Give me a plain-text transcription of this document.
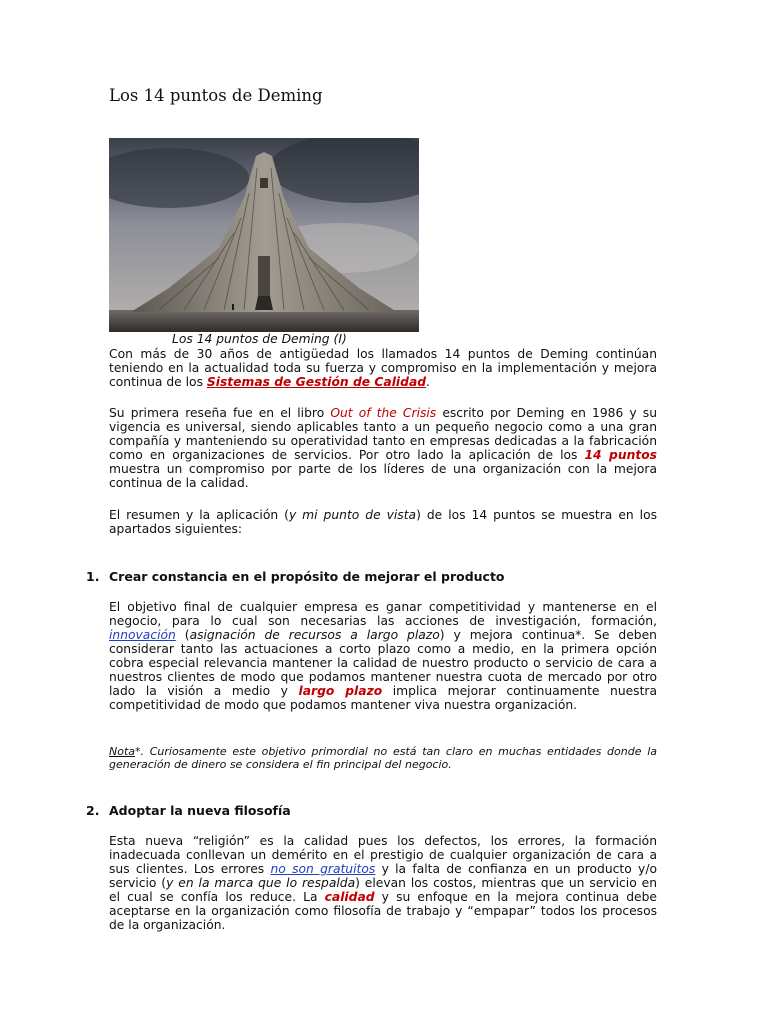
Los 14 puntos de Deming

Los 14 puntos de Deming (I)

Con más de 30 años de antigüedad los llamados 14 puntos de Deming continúan teniendo en la actualidad toda su fuerza y compromiso en la implementación y mejora continua de los Sistemas de Gestión de Calidad.

Su primera reseña fue en el libro Out of the Crisis escrito por Deming en 1986 y su vigencia es universal, siendo aplicables tanto a un pequeño negocio como a una gran compañía y manteniendo su operatividad tanto en empresas dedicadas a la fabricación como en organizaciones de servicios. Por otro lado la aplicación de los 14 puntos muestra un compromiso por parte de los líderes de una organización con la mejora continua de la calidad.

El resumen y la aplicación (y mi punto de vista) de los 14 puntos se muestra en los apartados siguientes:

1. Crear constancia en el propósito de mejorar el producto

El objetivo final de cualquier empresa es ganar competitividad y mantenerse en el negocio, para lo cual son necesarias las acciones de investigación, formación, innovación (asignación de recursos a largo plazo) y mejora continua*. Se deben considerar tanto las actuaciones a corto plazo como a medio, en la primera opción cobra especial relevancia mantener la calidad de nuestro producto o servicio de cara a nuestros clientes de modo que podamos mantener nuestra cuota de mercado por otro lado la visión a medio y largo plazo implica mejorar continuamente nuestra competitividad de modo que podamos mantener viva nuestra organización.

Nota*. Curiosamente este objetivo primordial no está tan claro en muchas entidades donde la generación de dinero se considera el fin principal del negocio.

2. Adoptar la nueva filosofía

Esta nueva “religión” es la calidad pues los defectos, los errores, la formación inadecuada conllevan un demérito en el prestigio de cualquier organización de cara a sus clientes. Los errores no son gratuitos y la falta de confianza en un producto y/o servicio (y en la marca que lo respalda) elevan los costos, mientras que un servicio en el cual se confía los reduce. La calidad y su enfoque en la mejora continua debe aceptarse en la organización como filosofía de trabajo y “empapar” todos los procesos de la organización.
